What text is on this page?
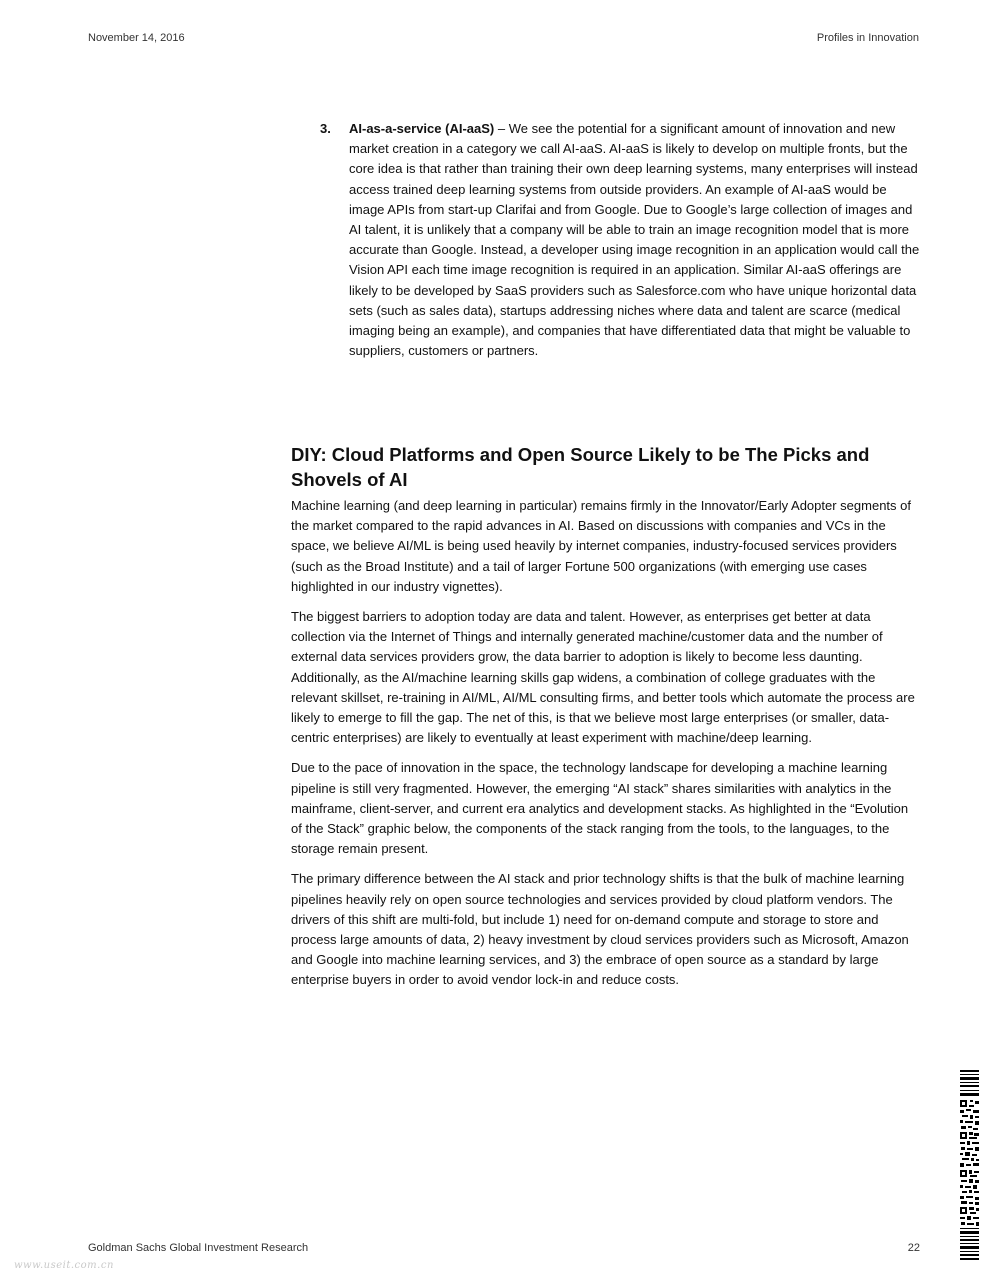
November 14, 2016	Profiles in Innovation
3. AI-as-a-service (AI-aaS) – We see the potential for a significant amount of innovation and new market creation in a category we call AI-aaS. AI-aaS is likely to develop on multiple fronts, but the core idea is that rather than training their own deep learning systems, many enterprises will instead access trained deep learning systems from outside providers. An example of AI-aaS would be image APIs from start-up Clarifai and from Google. Due to Google’s large collection of images and AI talent, it is unlikely that a company will be able to train an image recognition model that is more accurate than Google. Instead, a developer using image recognition in an application would call the Vision API each time image recognition is required in an application. Similar AI-aaS offerings are likely to be developed by SaaS providers such as Salesforce.com who have unique horizontal data sets (such as sales data), startups addressing niches where data and talent are scarce (medical imaging being an example), and companies that have differentiated data that might be valuable to suppliers, customers or partners.
DIY: Cloud Platforms and Open Source Likely to be The Picks and Shovels of AI

Machine learning (and deep learning in particular) remains firmly in the Innovator/Early Adopter segments of the market compared to the rapid advances in AI. Based on discussions with companies and VCs in the space, we believe AI/ML is being used heavily by internet companies, industry-focused services providers (such as the Broad Institute) and a tail of larger Fortune 500 organizations (with emerging use cases highlighted in our industry vignettes).

The biggest barriers to adoption today are data and talent. However, as enterprises get better at data collection via the Internet of Things and internally generated machine/customer data and the number of external data services providers grow, the data barrier to adoption is likely to become less daunting. Additionally, as the AI/machine learning skills gap widens, a combination of college graduates with the relevant skillset, re-training in AI/ML, AI/ML consulting firms, and better tools which automate the process are likely to emerge to fill the gap. The net of this, is that we believe most large enterprises (or smaller, data-centric enterprises) are likely to eventually at least experiment with machine/deep learning.

Due to the pace of innovation in the space, the technology landscape for developing a machine learning pipeline is still very fragmented. However, the emerging “AI stack” shares similarities with analytics in the mainframe, client-server, and current era analytics and development stacks. As highlighted in the “Evolution of the Stack” graphic below, the components of the stack ranging from the tools, to the languages, to the storage remain present.

The primary difference between the AI stack and prior technology shifts is that the bulk of machine learning pipelines heavily rely on open source technologies and services provided by cloud platform vendors. The drivers of this shift are multi-fold, but include 1) need for on-demand compute and storage to store and process large amounts of data, 2) heavy investment by cloud services providers such as Microsoft, Amazon and Google into machine learning services, and 3) the embrace of open source as a standard by large enterprise buyers in order to avoid vendor lock-in and reduce costs.

Goldman Sachs Global Investment Research	22
www.useit.com.cn
